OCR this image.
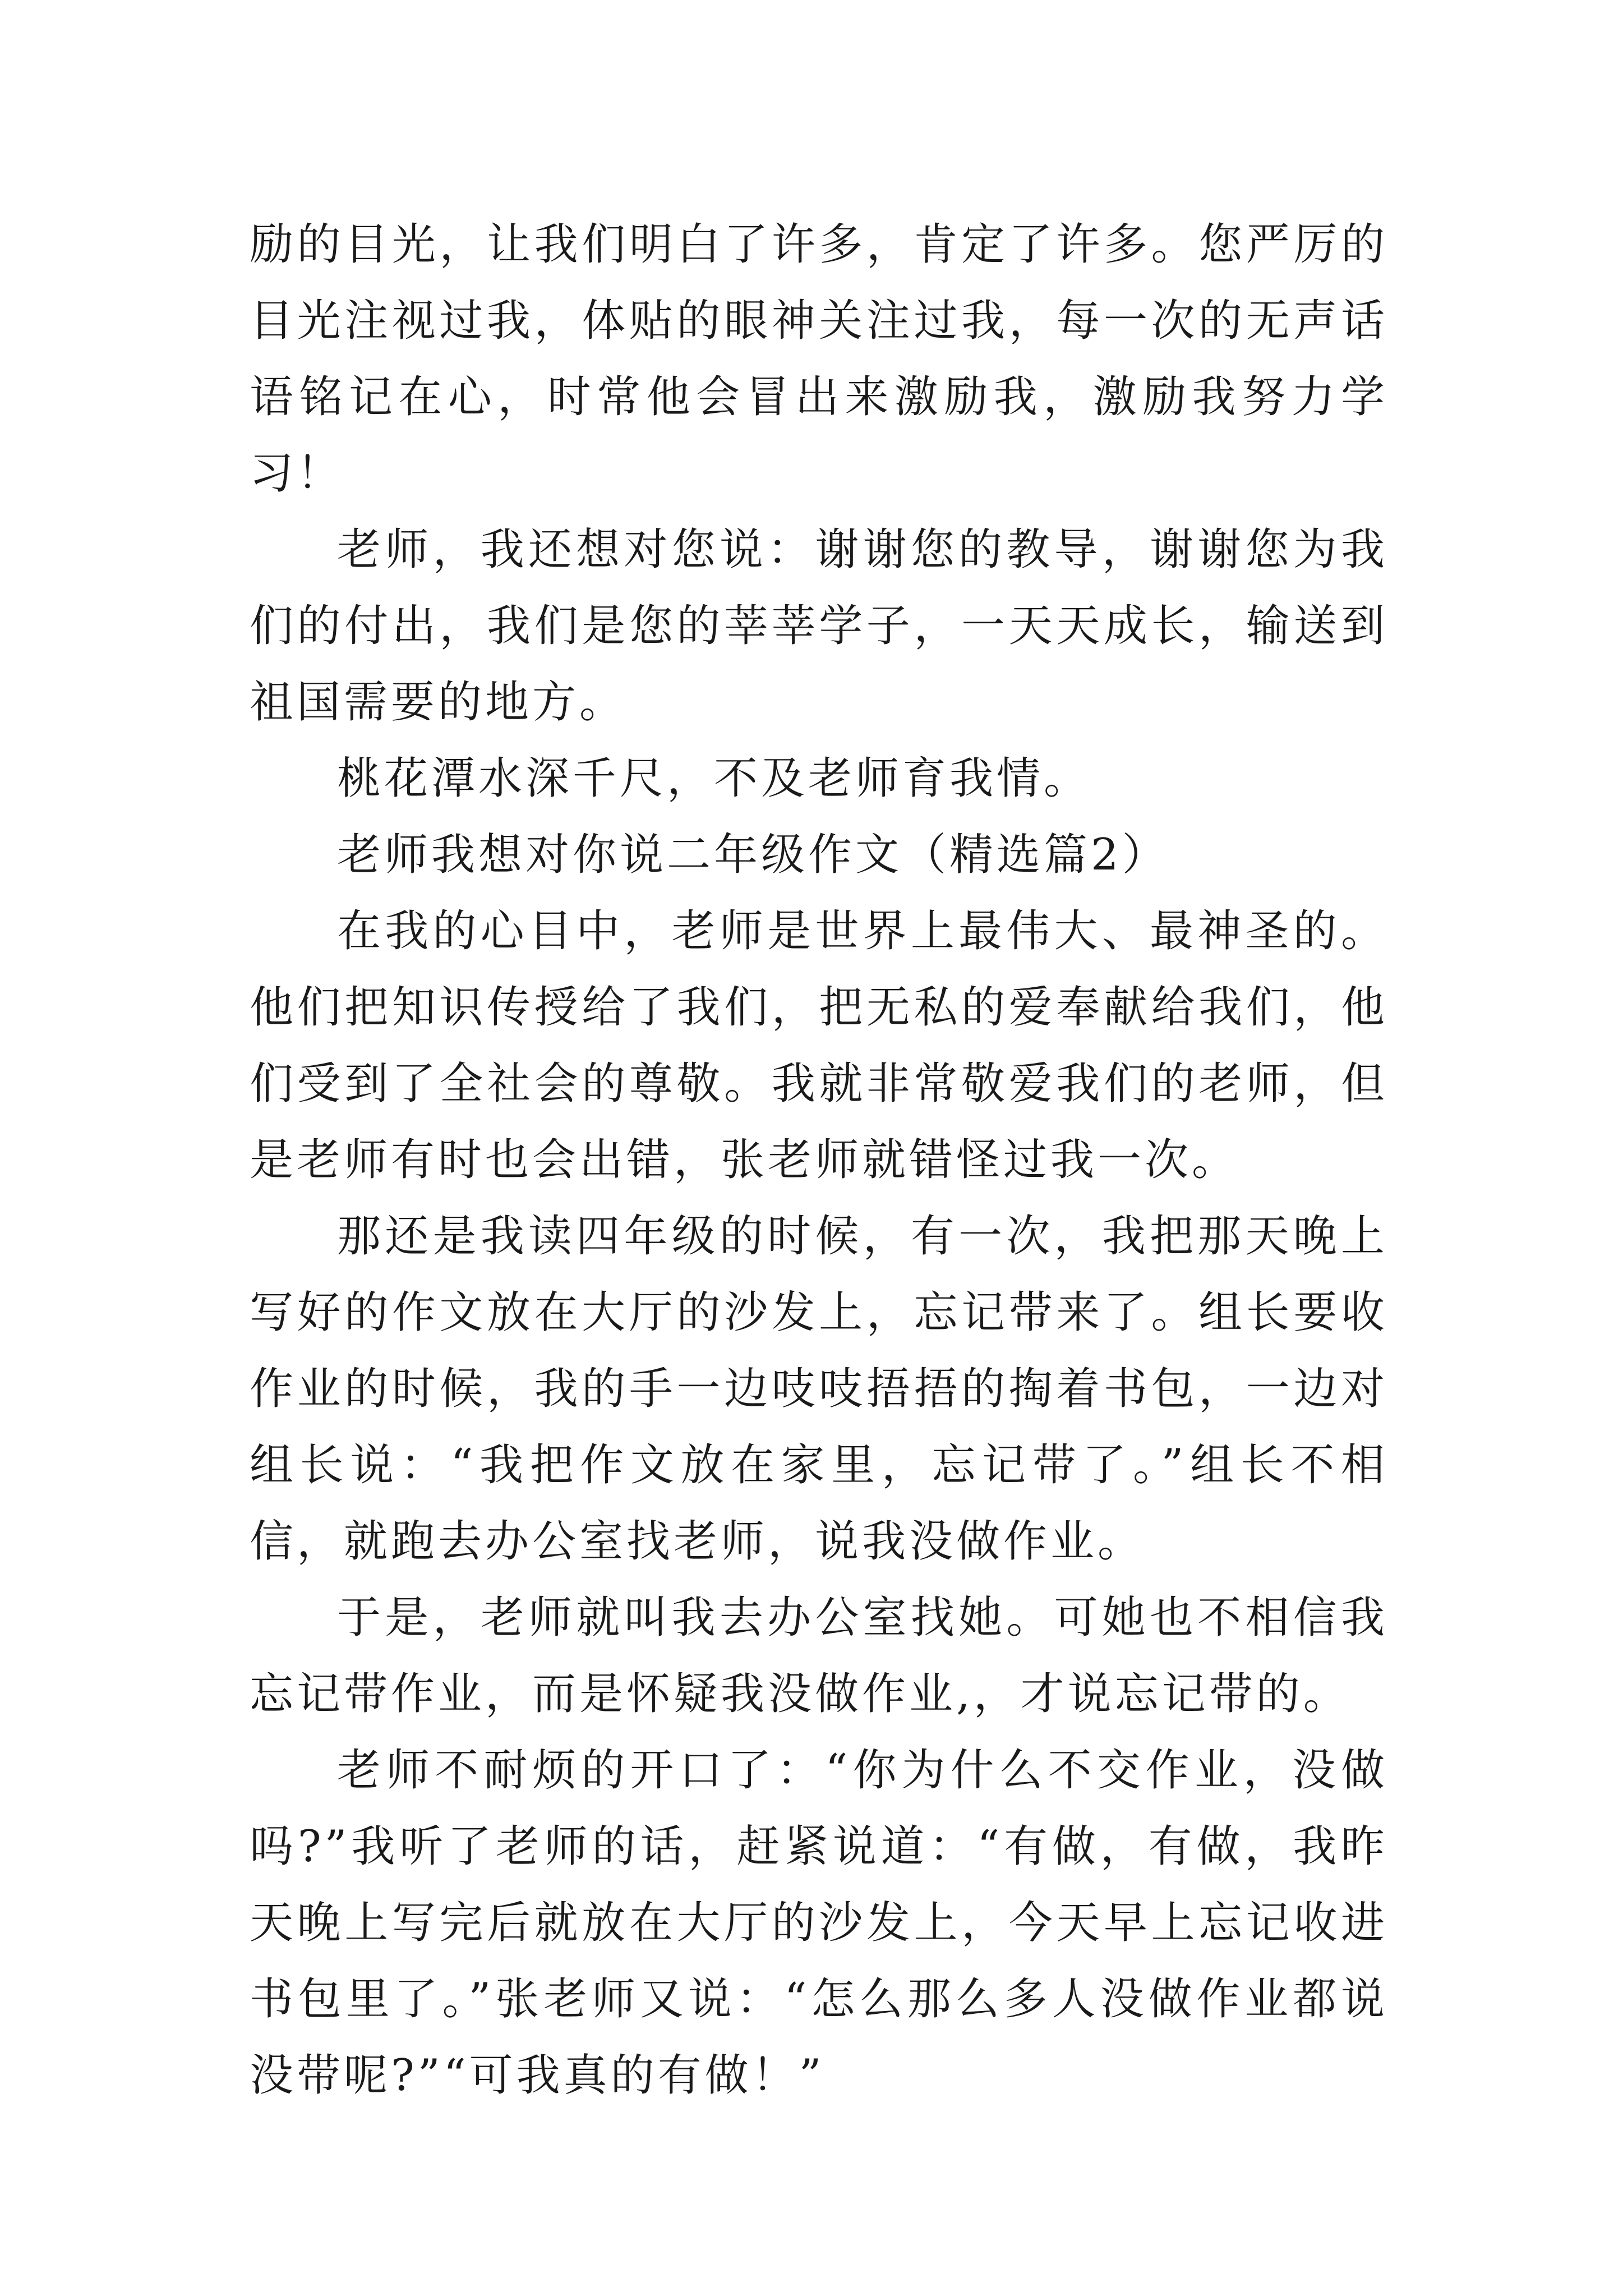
励的目光，让我们明白了许多，肯定了许多。您严厉的目光注视过我，体贴的眼神关注过我，每一次的无声话语铭记在心，时常他会冒出来激励我，激励我努力学习！

老师，我还想对您说：谢谢您的教导，谢谢您为我们的付出，我们是您的莘莘学子，一天天成长，输送到祖国需要的地方。

桃花潭水深千尺，不及老师育我情。

老师我想对你说二年级作文（精选篇2）

在我的心目中，老师是世界上最伟大、最神圣的。他们把知识传授给了我们，把无私的爱奉献给我们，他们受到了全社会的尊敬。我就非常敬爱我们的老师，但是老师有时也会出错，张老师就错怪过我一次。

那还是我读四年级的时候，有一次，我把那天晚上写好的作文放在大厅的沙发上，忘记带来了。组长要收作业的时候，我的手一边吱吱捂捂的掏着书包，一边对组长说：“我把作文放在家里，忘记带了。”组长不相信，就跑去办公室找老师，说我没做作业。

于是，老师就叫我去办公室找她。可她也不相信我忘记带作业，而是怀疑我没做作业,，才说忘记带的。

老师不耐烦的开口了：“你为什么不交作业，没做吗?”我听了老师的话，赶紧说道：“有做，有做，我昨天晚上写完后就放在大厅的沙发上，今天早上忘记收进书包里了。”张老师又说：“怎么那么多人没做作业都说没带呢?”“可我真的有做！”
